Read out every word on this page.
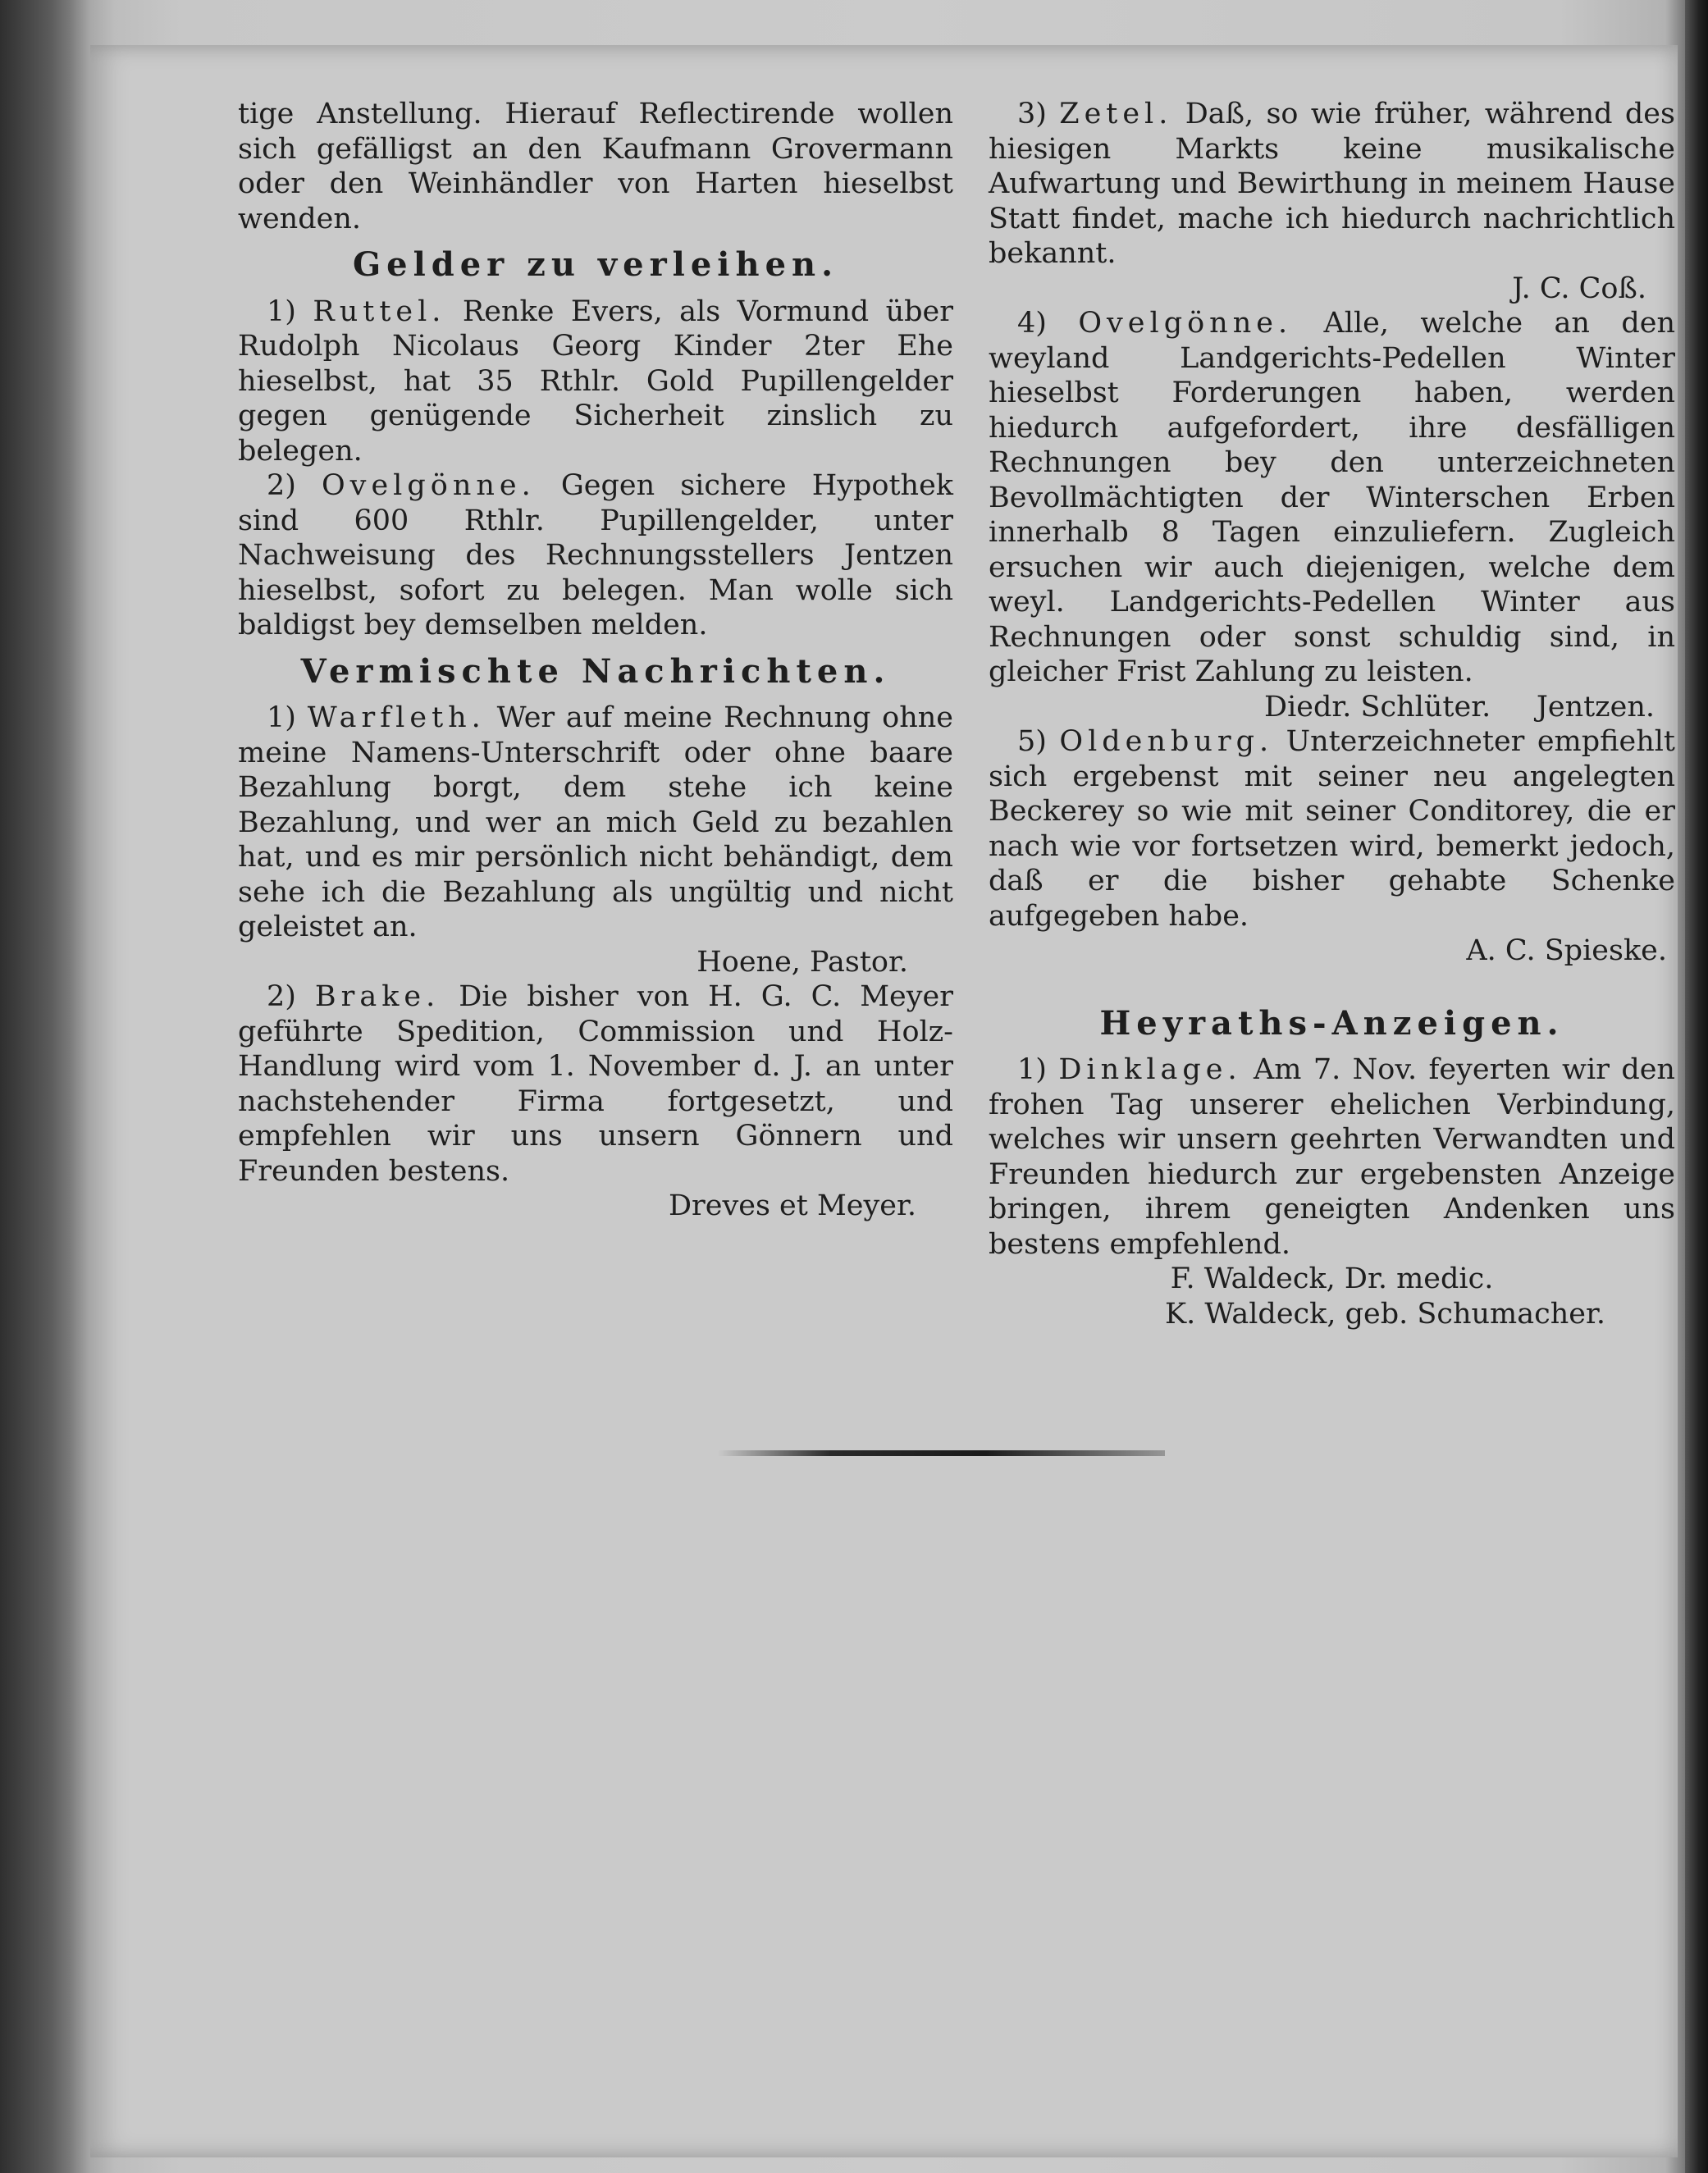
tige Anstellung. Hierauf Reflectirende wollen sich gefälligst an den Kaufmann Grovermann oder den Weinhändler von Harten hieselbst wenden.

Gelder zu verleihen.

 1) Ruttel. Renke Evers, als Vormund über Rudolph Nicolaus Georg Kinder 2ter Ehe hieselbst, hat 35 Rthlr. Gold Pupillengelder gegen genügende Sicherheit zinslich zu belegen.

 2) Ovelgönne. Gegen sichere Hypothek sind 600 Rthlr. Pupillengelder, unter Nachweisung des Rechnungsstellers Jentzen hieselbst, sofort zu belegen. Man wolle sich baldigst bey demselben melden.

Vermischte Nachrichten.

 1) Warfleth. Wer auf meine Rechnung ohne meine Namens-Unterschrift oder ohne baare Bezahlung borgt, dem stehe ich keine Bezahlung, und wer an mich Geld zu bezahlen hat, und es mir persönlich nicht behändigt, dem sehe ich die Bezahlung als ungültig und nicht geleistet an.

Hoene, Pastor.

 2) Brake. Die bisher von H. G. C. Meyer geführte Spedition, Commission und Holz-Handlung wird vom 1. November d. J. an unter nachstehender Firma fortgesetzt, und empfehlen wir uns unsern Gönnern und Freunden bestens.

Dreves et Meyer.

 3) Zetel. Daß, so wie früher, während des hiesigen Markts keine musikalische Aufwartung und Bewirthung in meinem Hause Statt findet, mache ich hiedurch nachrichtlich bekannt.

J. C. Coß.

 4) Ovelgönne. Alle, welche an den weyland Landgerichts-Pedellen Winter hieselbst Forderungen haben, werden hiedurch aufgefordert, ihre desfälligen Rechnungen bey den unterzeichneten Bevollmächtigten der Winterschen Erben innerhalb 8 Tagen einzuliefern. Zugleich ersuchen wir auch diejenigen, welche dem weyl. Landgerichts-Pedellen Winter aus Rechnungen oder sonst schuldig sind, in gleicher Frist Zahlung zu leisten.

Diedr. Schlüter.     Jentzen.

 5) Oldenburg. Unterzeichneter empfiehlt sich ergebenst mit seiner neu angelegten Beckerey so wie mit seiner Conditorey, die er nach wie vor fortsetzen wird, bemerkt jedoch, daß er die bisher gehabte Schenke aufgegeben habe.

A. C. Spieske.

Heyraths-Anzeigen.

 1) Dinklage. Am 7. Nov. feyerten wir den frohen Tag unserer ehelichen Verbindung, welches wir unsern geehrten Verwandten und Freunden hiedurch zur ergebensten Anzeige bringen, ihrem geneigten Andenken uns bestens empfehlend.

F. Waldeck, Dr. medic.

K. Waldeck, geb. Schumacher.
